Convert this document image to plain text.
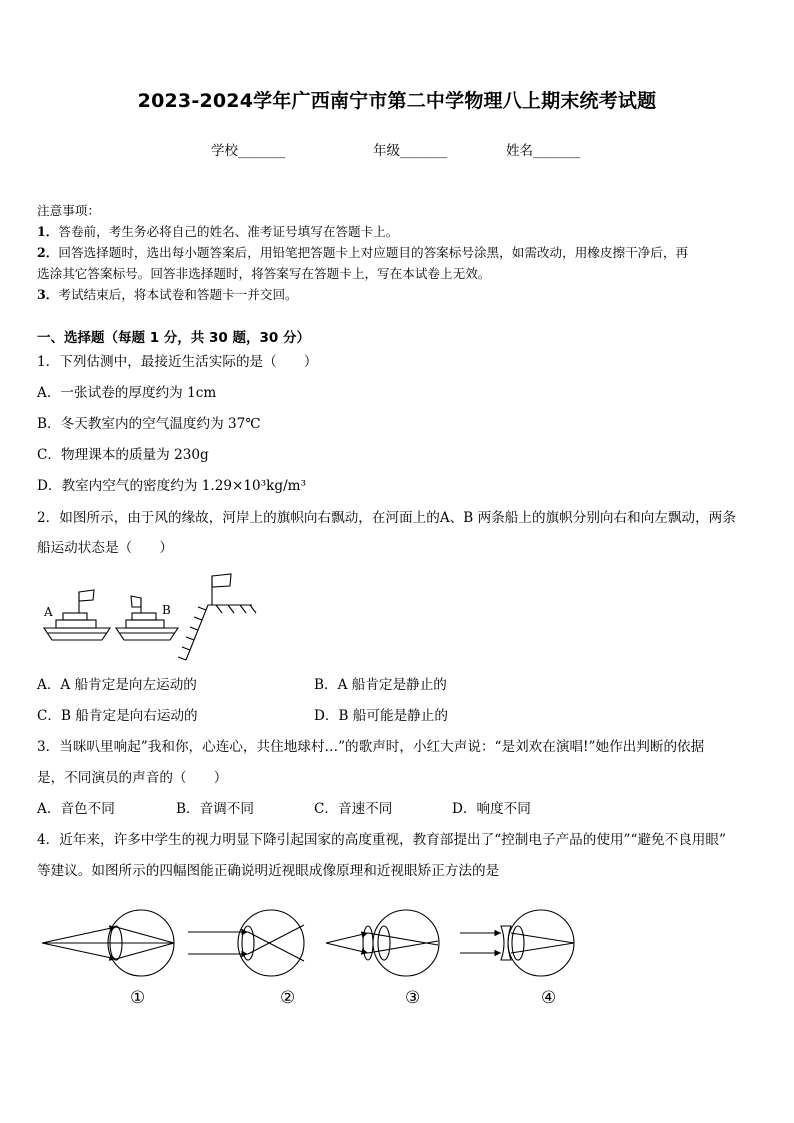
2023-2024学年广西南宁市第二中学物理八上期末统考试题
学校_______	年级_______	姓名_______
注意事项：
1．答卷前，考生务必将自己的姓名、准考证号填写在答题卡上。
2．回答选择题时，选出每小题答案后，用铅笔把答题卡上对应题目的答案标号涂黑，如需改动，用橡皮擦干净后，再
选涂其它答案标号。回答非选择题时，将答案写在答题卡上，写在本试卷上无效。
3．考试结束后，将本试卷和答题卡一并交回。
一、选择题（每题 1 分，共 30 题，30 分）
1．下列估测中，最接近生活实际的是（　　）
A．一张试卷的厚度约为 1cm
B．冬天教室内的空气温度约为 37℃
C．物理课本的质量为 230g
D．教室内空气的密度约为 1.29×10³kg/m³
2．如图所示，由于风的缘故，河岸上的旗帜向右飘动，在河面上的A、B 两条船上的旗帜分别向右和向左飘动，两条
船运动状态是（　　）
A	B
A．A 船肯定是向左运动的	B．A 船肯定是静止的
C．B 船肯定是向右运动的	D．B 船可能是静止的
3．当咪叭里响起”我和你，心连心，共住地球村…”的歌声时，小红大声说：“是刘欢在演唱!”她作出判断的依据
是，不同演员的声音的（　　）
A．音色不同	B．音调不同	C．音速不同	D．响度不同
4．近年来，许多中学生的视力明显下降引起国家的高度重视，教育部提出了“控制电子产品的使用”“避免不良用眼”
等建议。如图所示的四幅图能正确说明近视眼成像原理和近视眼矫正方法的是
①	②	③	④
